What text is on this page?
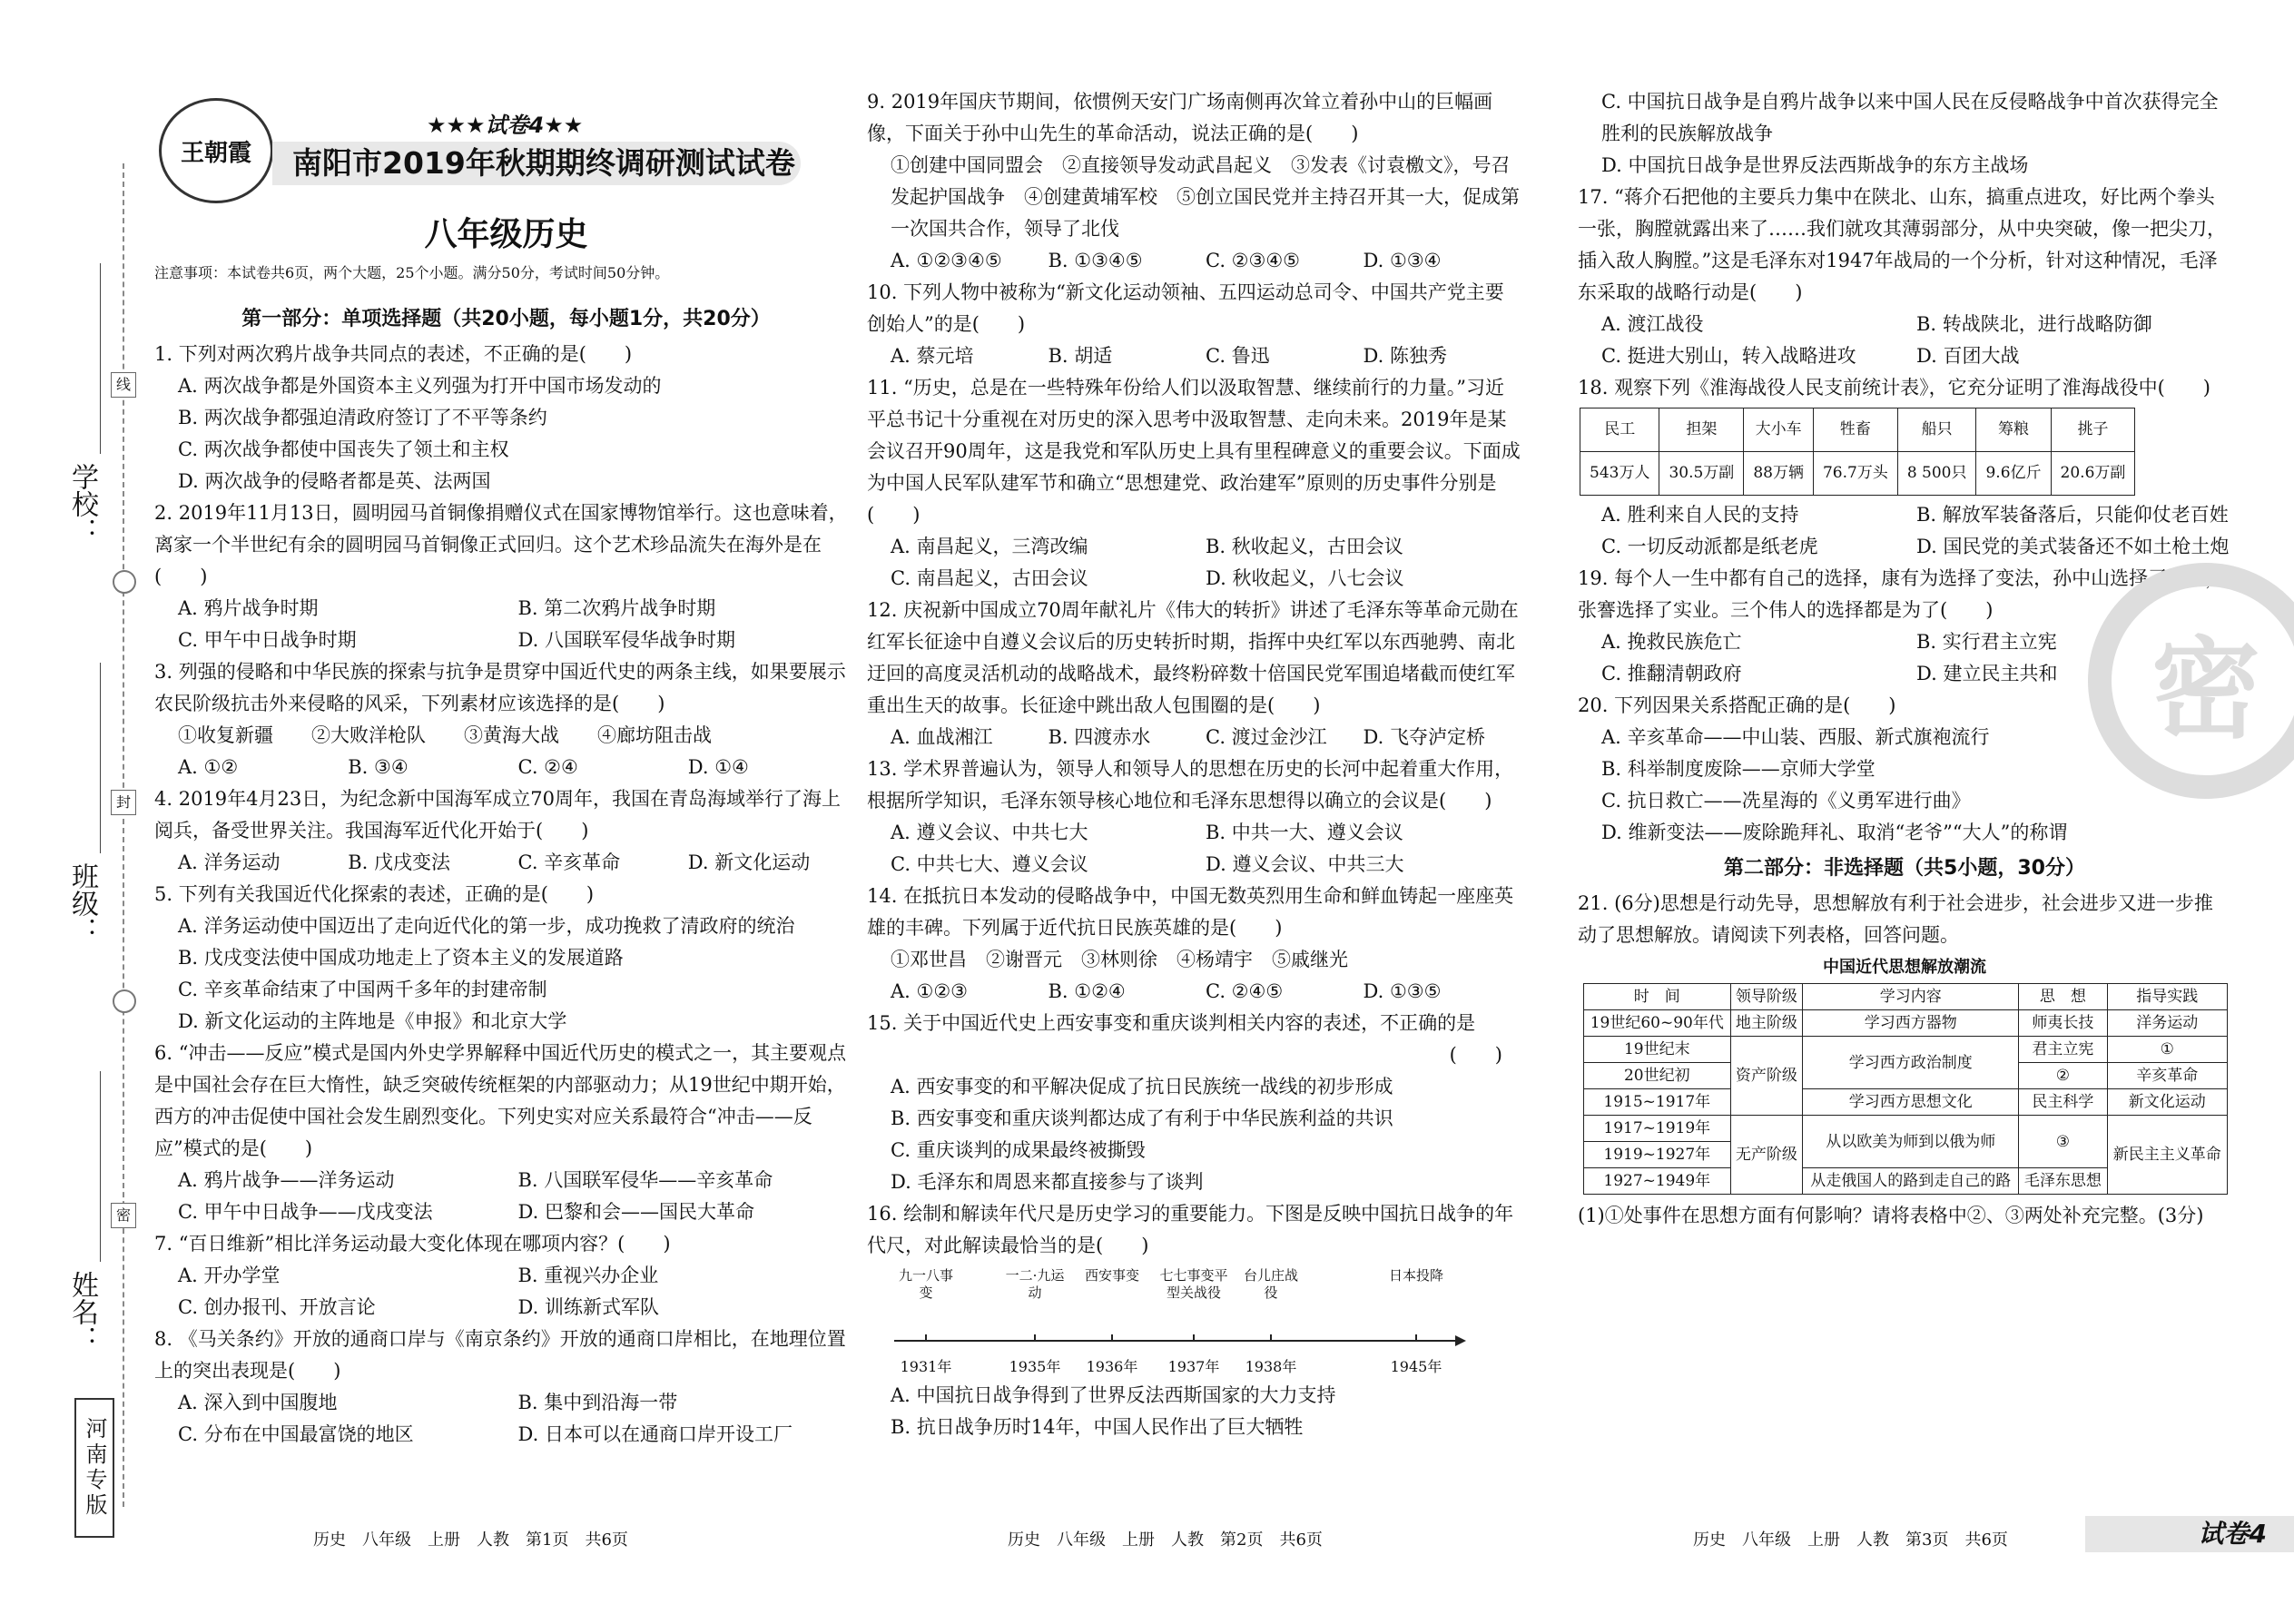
学校：
班级：
姓名：
线
封
密
河南专版
王朝霞
★★★试卷4★★
南阳市2019年秋期期终调研测试试卷
八年级历史
注意事项：本试卷共6页，两个大题，25个小题。满分50分，考试时间50分钟。
第一部分：单项选择题（共20小题，每小题1分，共20分）

1. 下列对两次鸦片战争共同点的表述，不正确的是(　　)

A. 两次战争都是外国资本主义列强为打开中国市场发动的

B. 两次战争都强迫清政府签订了不平等条约

C. 两次战争都使中国丧失了领土和主权

D. 两次战争的侵略者都是英、法两国

2. 2019年11月13日，圆明园马首铜像捐赠仪式在国家博物馆举行。这也意味着，离家一个半世纪有余的圆明园马首铜像正式回归。这个艺术珍品流失在海外是在(　　)

A. 鸦片战争时期	B. 第二次鸦片战争时期
C. 甲午中日战争时期	D. 八国联军侵华战争时期

3. 列强的侵略和中华民族的探索与抗争是贯穿中国近代史的两条主线，如果要展示农民阶级抗击外来侵略的风采，下列素材应该选择的是(　　)

①收复新疆　　②大败洋枪队　　③黄海大战　　④廊坊阻击战

A. ①②	B. ③④	C. ②④	D. ①④

4. 2019年4月23日，为纪念新中国海军成立70周年，我国在青岛海域举行了海上阅兵，备受世界关注。我国海军近代化开始于(　　)

A. 洋务运动	B. 戊戌变法	C. 辛亥革命	D. 新文化运动

5. 下列有关我国近代化探索的表述，正确的是(　　)

A. 洋务运动使中国迈出了走向近代化的第一步，成功挽救了清政府的统治

B. 戊戌变法使中国成功地走上了资本主义的发展道路

C. 辛亥革命结束了中国两千多年的封建帝制

D. 新文化运动的主阵地是《申报》和北京大学

6. “冲击——反应”模式是国内外史学界解释中国近代历史的模式之一，其主要观点是中国社会存在巨大惰性，缺乏突破传统框架的内部驱动力；从19世纪中期开始，西方的冲击促使中国社会发生剧烈变化。下列史实对应关系最符合“冲击——反应”模式的是(　　)

A. 鸦片战争——洋务运动	B. 八国联军侵华——辛亥革命
C. 甲午中日战争——戊戌变法	D. 巴黎和会——国民大革命

7. “百日维新”相比洋务运动最大变化体现在哪项内容？(　　)

A. 开办学堂	B. 重视兴办企业
C. 创办报刊、开放言论	D. 训练新式军队

8. 《马关条约》开放的通商口岸与《南京条约》开放的通商口岸相比，在地理位置上的突出表现是(　　)

A. 深入到中国腹地	B. 集中到沿海一带
C. 分布在中国最富饶的地区	D. 日本可以在通商口岸开设工厂

9. 2019年国庆节期间，依惯例天安门广场南侧再次耸立着孙中山的巨幅画像，下面关于孙中山先生的革命活动，说法正确的是(　　)

①创建中国同盟会　②直接领导发动武昌起义　③发表《讨袁檄文》，号召发起护国战争　④创建黄埔军校　⑤创立国民党并主持召开其一大，促成第一次国共合作，领导了北伐

A. ①②③④⑤	B. ①③④⑤	C. ②③④⑤	D. ①③④

10. 下列人物中被称为“新文化运动领袖、五四运动总司令、中国共产党主要创始人”的是(　　)

A. 蔡元培	B. 胡适	C. 鲁迅	D. 陈独秀

11. “历史，总是在一些特殊年份给人们以汲取智慧、继续前行的力量。”习近平总书记十分重视在对历史的深入思考中汲取智慧、走向未来。2019年是某会议召开90周年，这是我党和军队历史上具有里程碑意义的重要会议。下面成为中国人民军队建军节和确立“思想建党、政治建军”原则的历史事件分别是(　　)

A. 南昌起义，三湾改编	B. 秋收起义，古田会议
C. 南昌起义，古田会议	D. 秋收起义，八七会议

12. 庆祝新中国成立70周年献礼片《伟大的转折》讲述了毛泽东等革命元勋在红军长征途中自遵义会议后的历史转折时期，指挥中央红军以东西驰骋、南北迂回的高度灵活机动的战略战术，最终粉碎数十倍国民党军围追堵截而使红军重出生天的故事。长征途中跳出敌人包围圈的是(　　)

A. 血战湘江	B. 四渡赤水	C. 渡过金沙江	D. 飞夺泸定桥

13. 学术界普遍认为，领导人和领导人的思想在历史的长河中起着重大作用，根据所学知识，毛泽东领导核心地位和毛泽东思想得以确立的会议是(　　)

A. 遵义会议、中共七大	B. 中共一大、遵义会议
C. 中共七大、遵义会议	D. 遵义会议、中共三大

14. 在抵抗日本发动的侵略战争中，中国无数英烈用生命和鲜血铸起一座座英雄的丰碑。下列属于近代抗日民族英雄的是(　　)

①邓世昌　②谢晋元　③林则徐　④杨靖宇　⑤戚继光

A. ①②③	B. ①②④	C. ②④⑤	D. ①③⑤

15. 关于中国近代史上西安事变和重庆谈判相关内容的表述，不正确的是

(　　)

A. 西安事变的和平解决促成了抗日民族统一战线的初步形成

B. 西安事变和重庆谈判都达成了有利于中华民族利益的共识

C. 重庆谈判的成果最终被撕毁

D. 毛泽东和周恩来都直接参与了谈判

16. 绘制和解读年代尺是历史学习的重要能力。下图是反映中国抗日战争的年代尺，对此解读最恰当的是(　　)

九一八事变
1931年
一二·九运动
1935年
西安事变
1936年
七七事变平型关战役
1937年
台儿庄战役
1938年
日本投降
1945年

A. 中国抗日战争得到了世界反法西斯国家的大力支持

B. 抗日战争历时14年，中国人民作出了巨大牺牲

C. 中国抗日战争是自鸦片战争以来中国人民在反侵略战争中首次获得完全胜利的民族解放战争

D. 中国抗日战争是世界反法西斯战争的东方主战场

17. “蒋介石把他的主要兵力集中在陕北、山东，搞重点进攻，好比两个拳头一张，胸膛就露出来了……我们就攻其薄弱部分，从中央突破，像一把尖刀，插入敌人胸膛。”这是毛泽东对1947年战局的一个分析，针对这种情况，毛泽东采取的战略行动是(　　)

A. 渡江战役	B. 转战陕北，进行战略防御
C. 挺进大别山，转入战略进攻	D. 百团大战

18. 观察下列《淮海战役人民支前统计表》，它充分证明了淮海战役中(　　)

民工	担架	大小车	牲畜	船只	筹粮	挑子
543万人	30.5万副	88万辆	76.7万头	8 500只	9.6亿斤	20.6万副
A. 胜利来自人民的支持	B. 解放军装备落后，只能仰仗老百姓
C. 一切反动派都是纸老虎	D. 国民党的美式装备还不如土枪土炮

19. 每个人一生中都有自己的选择，康有为选择了变法，孙中山选择了革命，张謇选择了实业。三个伟人的选择都是为了(　　)

A. 挽救民族危亡	B. 实行君主立宪
C. 推翻清朝政府	D. 建立民主共和

20. 下列因果关系搭配正确的是(　　)

A. 辛亥革命——中山装、西服、新式旗袍流行

B. 科举制度废除——京师大学堂

C. 抗日救亡——冼星海的《义勇军进行曲》

D. 维新变法——废除跪拜礼、取消“老爷”“大人”的称谓

第二部分：非选择题（共5小题，30分）

21. (6分)思想是行动先导，思想解放有利于社会进步，社会进步又进一步推动了思想解放。请阅读下列表格，回答问题。

中国近代思想解放潮流
时　间	领导阶级	学习内容	思　想	指导实践
19世纪60~90年代	地主阶级	学习西方器物	师夷长技	洋务运动
19世纪末	资产阶级	学习西方政治制度	君主立宪	①
20世纪初			②	辛亥革命
1915~1917年		学习西方思想文化	民主科学	新文化运动
1917~1919年	无产阶级	从以欧美为师到以俄为师	③	新民主主义革命
1919~1927年				
1927~1949年		从走俄国人的路到走自己的路	毛泽东思想	

(1)①处事件在思想方面有何影响？请将表格中②、③两处补充完整。(3分)

密
历史　八年级　上册　人教　第1页　共6页	历史　八年级　上册　人教　第2页　共6页	历史　八年级　上册　人教　第3页　共6页	试卷4
